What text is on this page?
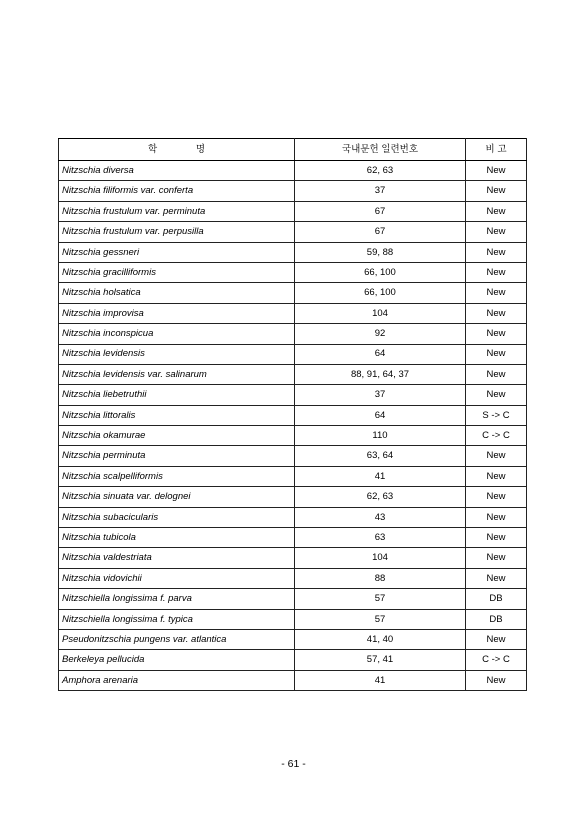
학 명	국내문헌 일련번호	비 고
Nitzschia diversa	62, 63	New
Nitzschia filiformis var. conferta	37	New
Nitzschia frustulum var. perminuta	67	New
Nitzschia frustulum var. perpusilla	67	New
Nitzschia gessneri	59, 88	New
Nitzschia gracilliformis	66, 100	New
Nitzschia holsatica	66, 100	New
Nitzschia improvisa	104	New
Nitzschia inconspicua	92	New
Nitzschia levidensis	64	New
Nitzschia levidensis var. salinarum	88, 91, 64, 37	New
Nitzschia liebetruthii	37	New
Nitzschia littoralis	64	S -> C
Nitzschia okamurae	110	C -> C
Nitzschia perminuta	63, 64	New
Nitzschia scalpelliformis	41	New
Nitzschia sinuata var. delognei	62, 63	New
Nitzschia subacicularis	43	New
Nitzschia tubicola	63	New
Nitzschia valdestriata	104	New
Nitzschia vidovichii	88	New
Nitzschiella longissima f. parva	57	DB
Nitzschiella longissima f. typica	57	DB
Pseudonitzschia pungens var. atlantica	41, 40	New
Berkeleya pellucida	57, 41	C -> C
Amphora arenaria	41	New
- 61 -
